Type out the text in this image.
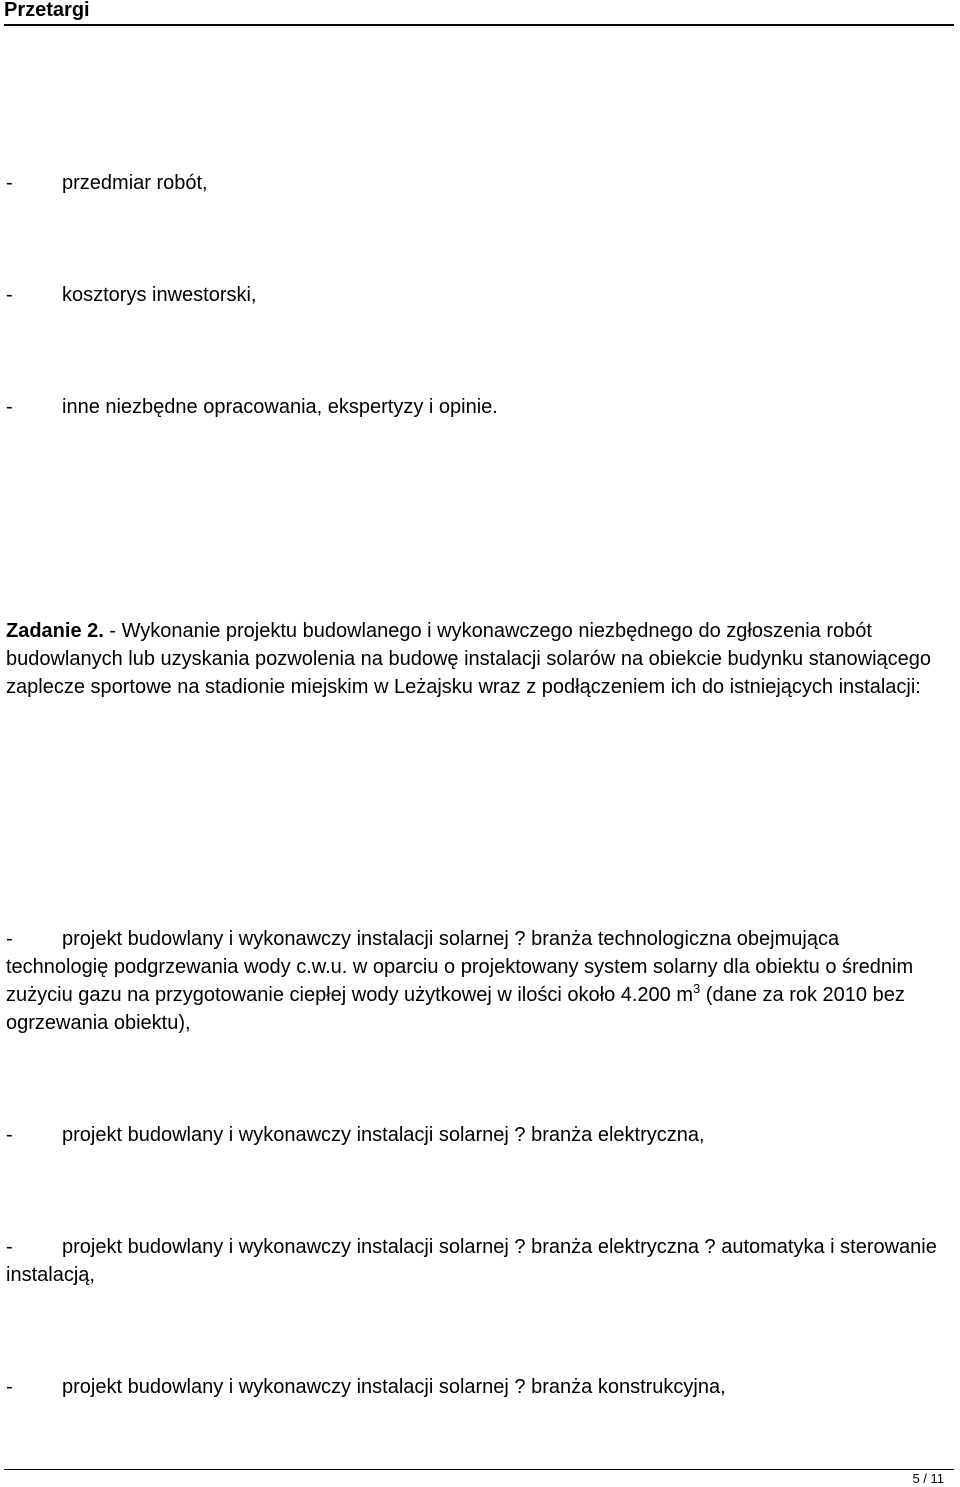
Przetargi

- przedmiar robót,

- kosztorys inwestorski,

- inne niezbędne opracowania, ekspertyzy i opinie.

Zadanie 2. - Wykonanie projektu budowlanego i wykonawczego niezbędnego do zgłoszenia robót budowlanych lub uzyskania pozwolenia na budowę instalacji solarów na obiekcie budynku stanowiącego zaplecze sportowe na stadionie miejskim w Leżajsku wraz z podłączeniem ich do istniejących instalacji:

- projekt budowlany i wykonawczy instalacji solarnej ? branża technologiczna obejmująca technologię podgrzewania wody c.w.u. w oparciu o projektowany system solarny dla obiektu o średnim zużyciu gazu na przygotowanie ciepłej wody użytkowej w ilości około 4.200 $m^3$ (dane za rok 2010 bez ogrzewania obiektu),

- projekt budowlany i wykonawczy instalacji solarnej ? branża elektryczna,

- projekt budowlany i wykonawczy instalacji solarnej ? branża elektryczna ? automatyka i sterowanie instalacją,

- projekt budowlany i wykonawczy instalacji solarnej ? branża konstrukcyjna,

5 / 11
